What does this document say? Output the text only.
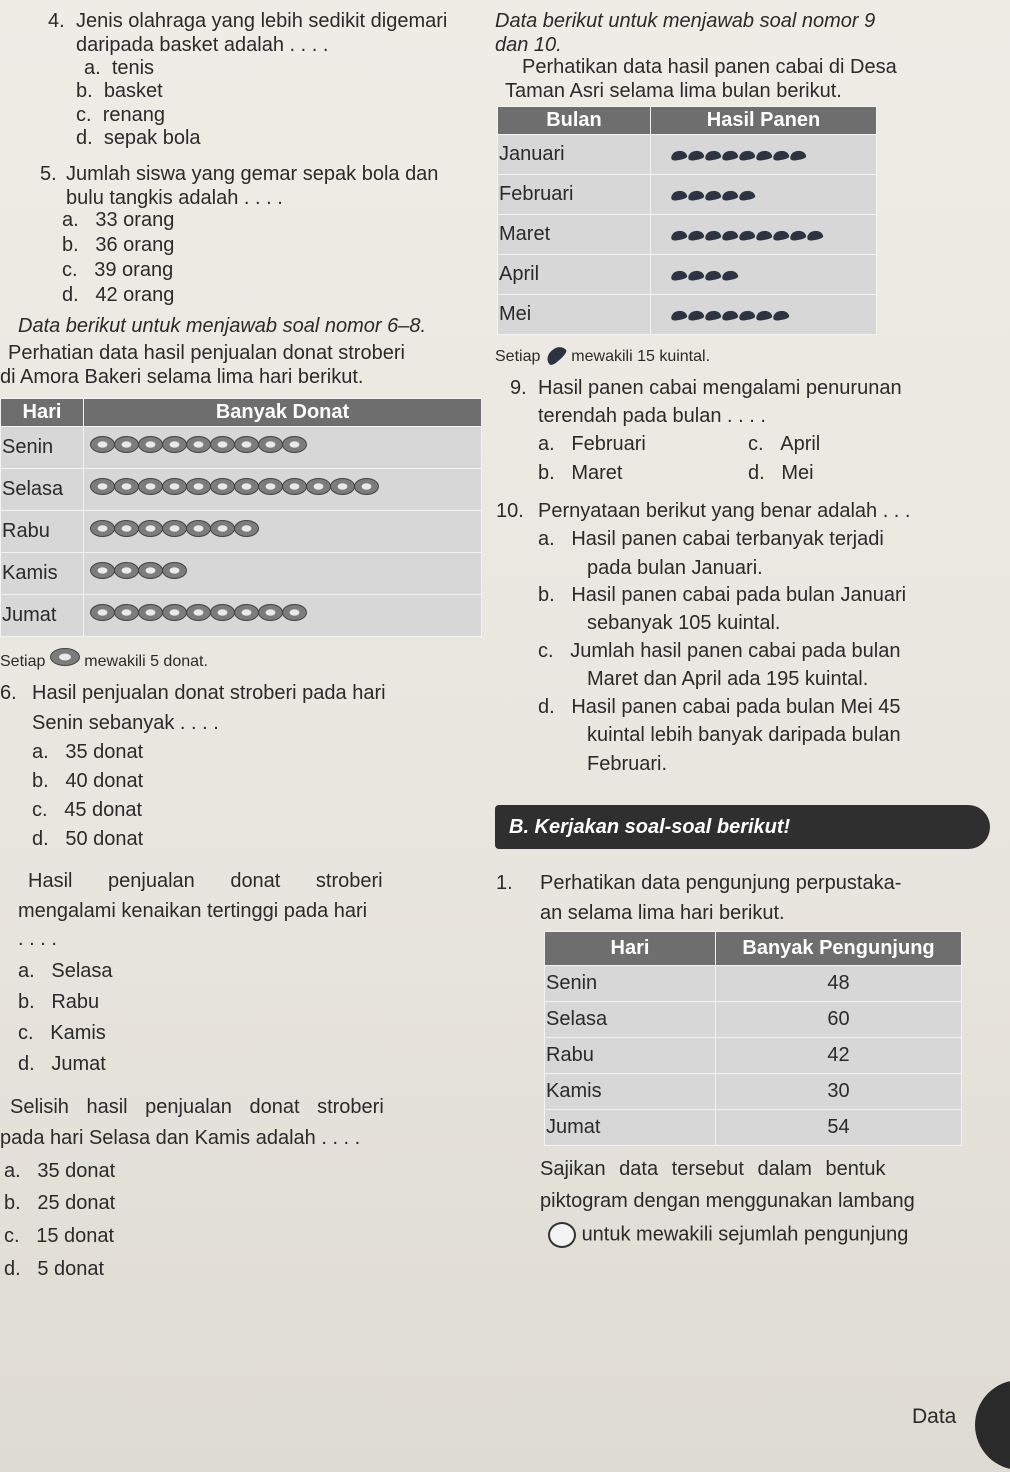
4. Jenis olahraga yang lebih sedikit digemari
daripada basket adalah . . . .
a. tenis
b. basket
c. renang
d. sepak bola
5. Jumlah siswa yang gemar sepak bola dan
bulu tangkis adalah . . . .
a. 33 orang
b. 36 orang
c. 39 orang
d. 42 orang
Data berikut untuk menjawab soal nomor 6–8.
Perhatian data hasil penjualan donat stroberi
di Amora Bakeri selama lima hari berikut.
Hari	Banyak Donat
Senin	
Selasa	
Rabu	
Kamis	
Jumat	
Setiap mewakili 5 donat.
6. Hasil penjualan donat stroberi pada hari
Senin sebanyak . . . .
a. 35 donat
b. 40 donat
c. 45 donat
d. 50 donat
Hasil penjualan donat stroberi
mengalami kenaikan tertinggi pada hari
. . . .
a. Selasa
b. Rabu
c. Kamis
d. Jumat
Selisih hasil penjualan donat stroberi
pada hari Selasa dan Kamis adalah . . . .
a. 35 donat
b. 25 donat
c. 15 donat
d. 5 donat
Data berikut untuk menjawab soal nomor 9
dan 10.
Perhatikan data hasil panen cabai di Desa
Taman Asri selama lima bulan berikut.
Bulan	Hasil Panen
Januari	
Februari	
Maret	
April	
Mei	
Setiap mewakili 15 kuintal.
9. Hasil panen cabai mengalami penurunan
terendah pada bulan . . . .
a. Februari
b. Maret
c. April
d. Mei
10. Pernyataan berikut yang benar adalah . . .
a. Hasil panen cabai terbanyak terjadi
pada bulan Januari.
b. Hasil panen cabai pada bulan Januari
sebanyak 105 kuintal.
c. Jumlah hasil panen cabai pada bulan
Maret dan April ada 195 kuintal.
d. Hasil panen cabai pada bulan Mei 45
kuintal lebih banyak daripada bulan
Februari.
B. Kerjakan soal-soal berikut!
1. Perhatikan data pengunjung perpustaka-
an selama lima hari berikut.
Hari	Banyak Pengunjung
Senin	48
Selasa	60
Rabu	42
Kamis	30
Jumat	54
Sajikan data tersebut dalam bentuk
piktogram dengan menggunakan lambang
untuk mewakili sejumlah pengunjung
Data
